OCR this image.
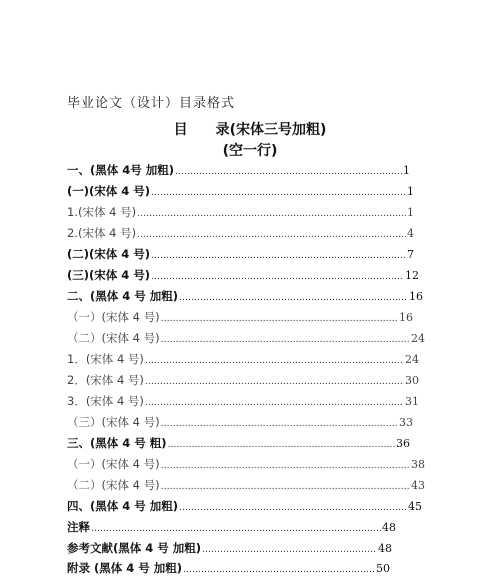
毕业论文（设计）目录格式
目 录(宋体三号加粗)
(空一行)
一、(黑体 4号 加粗) ……………………………………………………………………………………………………………………………………………………………………………	1
(一)(宋体 4 号) ……………………………………………………………………………………………………………………………………………………………………………	1
1.(宋体 4 号) ……………………………………………………………………………………………………………………………………………………………………………	1
2.(宋体 4 号) ……………………………………………………………………………………………………………………………………………………………………………	4
(二)(宋体 4 号) ……………………………………………………………………………………………………………………………………………………………………………	7
(三)(宋体 4 号) ……………………………………………………………………………………………………………………………………………………………………………	12
二、(黑体 4 号 加粗) ……………………………………………………………………………………………………………………………………………………………………………	16
（一）(宋体 4 号) ……………………………………………………………………………………………………………………………………………………………………………	16
（二）(宋体 4 号) ……………………………………………………………………………………………………………………………………………………………………………	24
1．(宋体 4 号) ……………………………………………………………………………………………………………………………………………………………………………	24
2．(宋体 4 号) ……………………………………………………………………………………………………………………………………………………………………………	30
3．(宋体 4 号) ……………………………………………………………………………………………………………………………………………………………………………	31
（三）(宋体 4 号) ……………………………………………………………………………………………………………………………………………………………………………	33
三、(黑体 4 号 粗) ……………………………………………………………………………………………………………………………………………………………………………	36
（一）(宋体 4 号) ……………………………………………………………………………………………………………………………………………………………………………	38
（二）(宋体 4 号) ……………………………………………………………………………………………………………………………………………………………………………	43
四、(黑体 4 号 加粗) ……………………………………………………………………………………………………………………………………………………………………………	45
注释 ……………………………………………………………………………………………………………………………………………………………………………	48
参考文献(黑体 4 号 加粗) ……………………………………………………………………………………………………………………………………………………………………………	48
附录 (黑体 4 号 加粗) ……………………………………………………………………………………………………………………………………………………………………………	50
